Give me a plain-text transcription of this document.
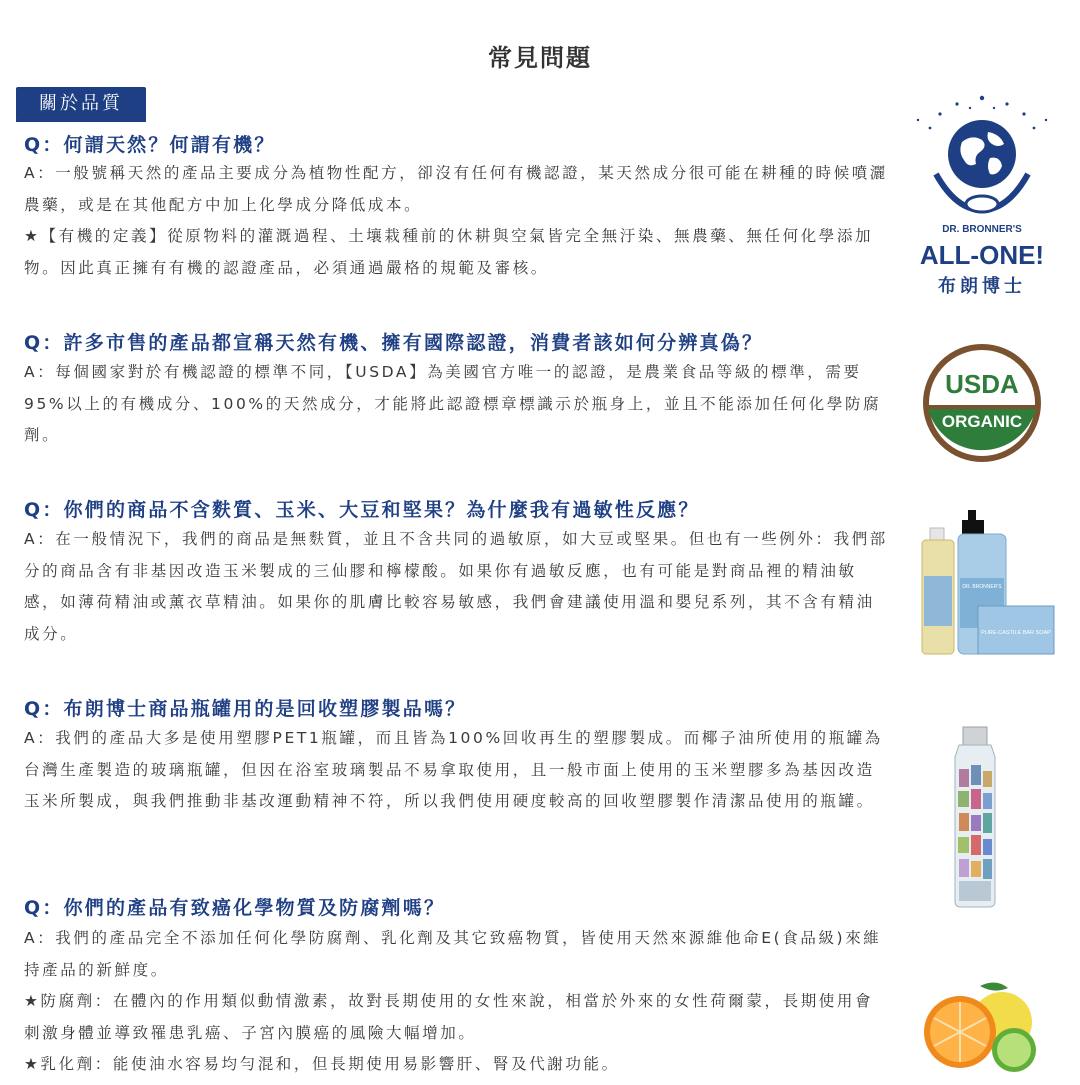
常見問題
關於品質
Q：何謂天然？何謂有機？

A：一般號稱天然的產品主要成分為植物性配方，卻沒有任何有機認證，某天然成分很可能在耕種的時候噴灑農藥，或是在其他配方中加上化學成分降低成本。

★【有機的定義】從原物料的灌溉過程、土壤栽種前的休耕與空氣皆完全無汙染、無農藥、無任何化學添加物。因此真正擁有有機的認證產品，必須通過嚴格的規範及審核。

Q：許多市售的產品都宣稱天然有機、擁有國際認證，消費者該如何分辨真偽？

A：每個國家對於有機認證的標準不同，【USDA】為美國官方唯一的認證，是農業食品等級的標準，需要95%以上的有機成分、100%的天然成分，才能將此認證標章標識示於瓶身上，並且不能添加任何化學防腐劑。

Q：你們的商品不含麩質、玉米、大豆和堅果？為什麼我有過敏性反應？

A：在一般情況下，我們的商品是無麩質，並且不含共同的過敏原，如大豆或堅果。但也有一些例外：我們部分的商品含有非基因改造玉米製成的三仙膠和檸檬酸。如果你有過敏反應，也有可能是對商品裡的精油敏感，如薄荷精油或薰衣草精油。如果你的肌膚比較容易敏感，我們會建議使用溫和嬰兒系列，其不含有精油成分。

Q：布朗博士商品瓶罐用的是回收塑膠製品嗎？

A：我們的產品大多是使用塑膠PET1瓶罐，而且皆為100%回收再生的塑膠製成。而椰子油所使用的瓶罐為台灣生產製造的玻璃瓶罐，但因在浴室玻璃製品不易拿取使用，且一般市面上使用的玉米塑膠多為基因改造玉米所製成，與我們推動非基改運動精神不符，所以我們使用硬度較高的回收塑膠製作清潔品使用的瓶罐。

Q：你們的產品有致癌化學物質及防腐劑嗎？

A：我們的產品完全不添加任何化學防腐劑、乳化劑及其它致癌物質，皆使用天然來源維他命E(食品級)來維持產品的新鮮度。

★防腐劑：在體內的作用類似動情激素，故對長期使用的女性來說，相當於外來的女性荷爾蒙，長期使用會刺激身體並導致罹患乳癌、子宮內膜癌的風險大幅增加。

★乳化劑：能使油水容易均勻混和，但長期使用易影響肝、腎及代謝功能。

DR. BRONNER'S
ALL-ONE!
布朗博士
USDA
ORGANIC
DR. BRONNER'S
PURE-CASTILE BAR SOAP
